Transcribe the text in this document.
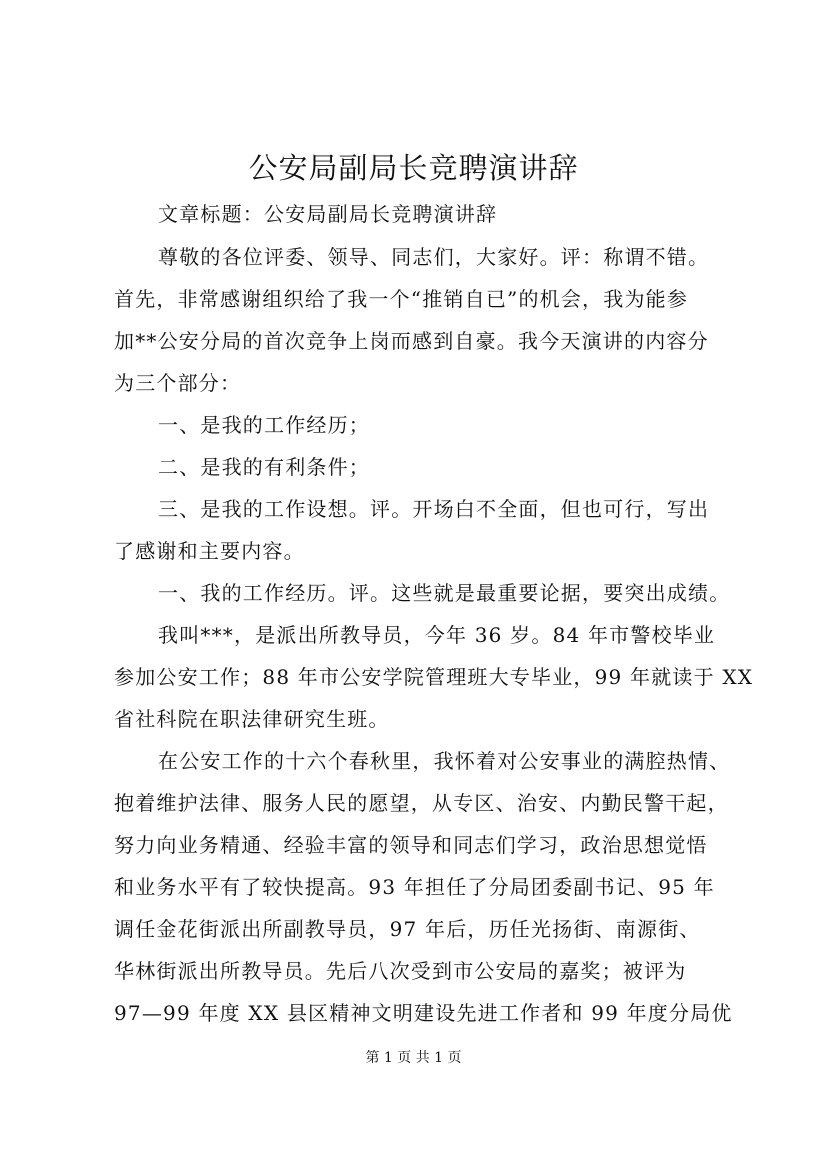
公安局副局长竞聘演讲辞
文章标题：公安局副局长竞聘演讲辞
尊敬的各位评委、领导、同志们，大家好。评：称谓不错。
首先，非常感谢组织给了我一个“推销自已”的机会，我为能参
加**公安分局的首次竞争上岗而感到自豪。我今天演讲的内容分
为三个部分：
一、是我的工作经历；
二、是我的有利条件；
三、是我的工作设想。评。开场白不全面，但也可行，写出
了感谢和主要内容。
一、我的工作经历。评。这些就是最重要论据，要突出成绩。
我叫***，是派出所教导员，今年 36 岁。84 年市警校毕业
参加公安工作；88 年市公安学院管理班大专毕业，99 年就读于 XX
省社科院在职法律研究生班。
在公安工作的十六个春秋里，我怀着对公安事业的满腔热情、
抱着维护法律、服务人民的愿望，从专区、治安、内勤民警干起，
努力向业务精通、经验丰富的领导和同志们学习，政治思想觉悟
和业务水平有了较快提高。93 年担任了分局团委副书记、95 年
调任金花街派出所副教导员，97 年后，历任光扬街、南源街、
华林街派出所教导员。先后八次受到市公安局的嘉奖；被评为
97—99 年度 XX 县区精神文明建设先进工作者和 99 年度分局优
第 1 页 共 1 页
